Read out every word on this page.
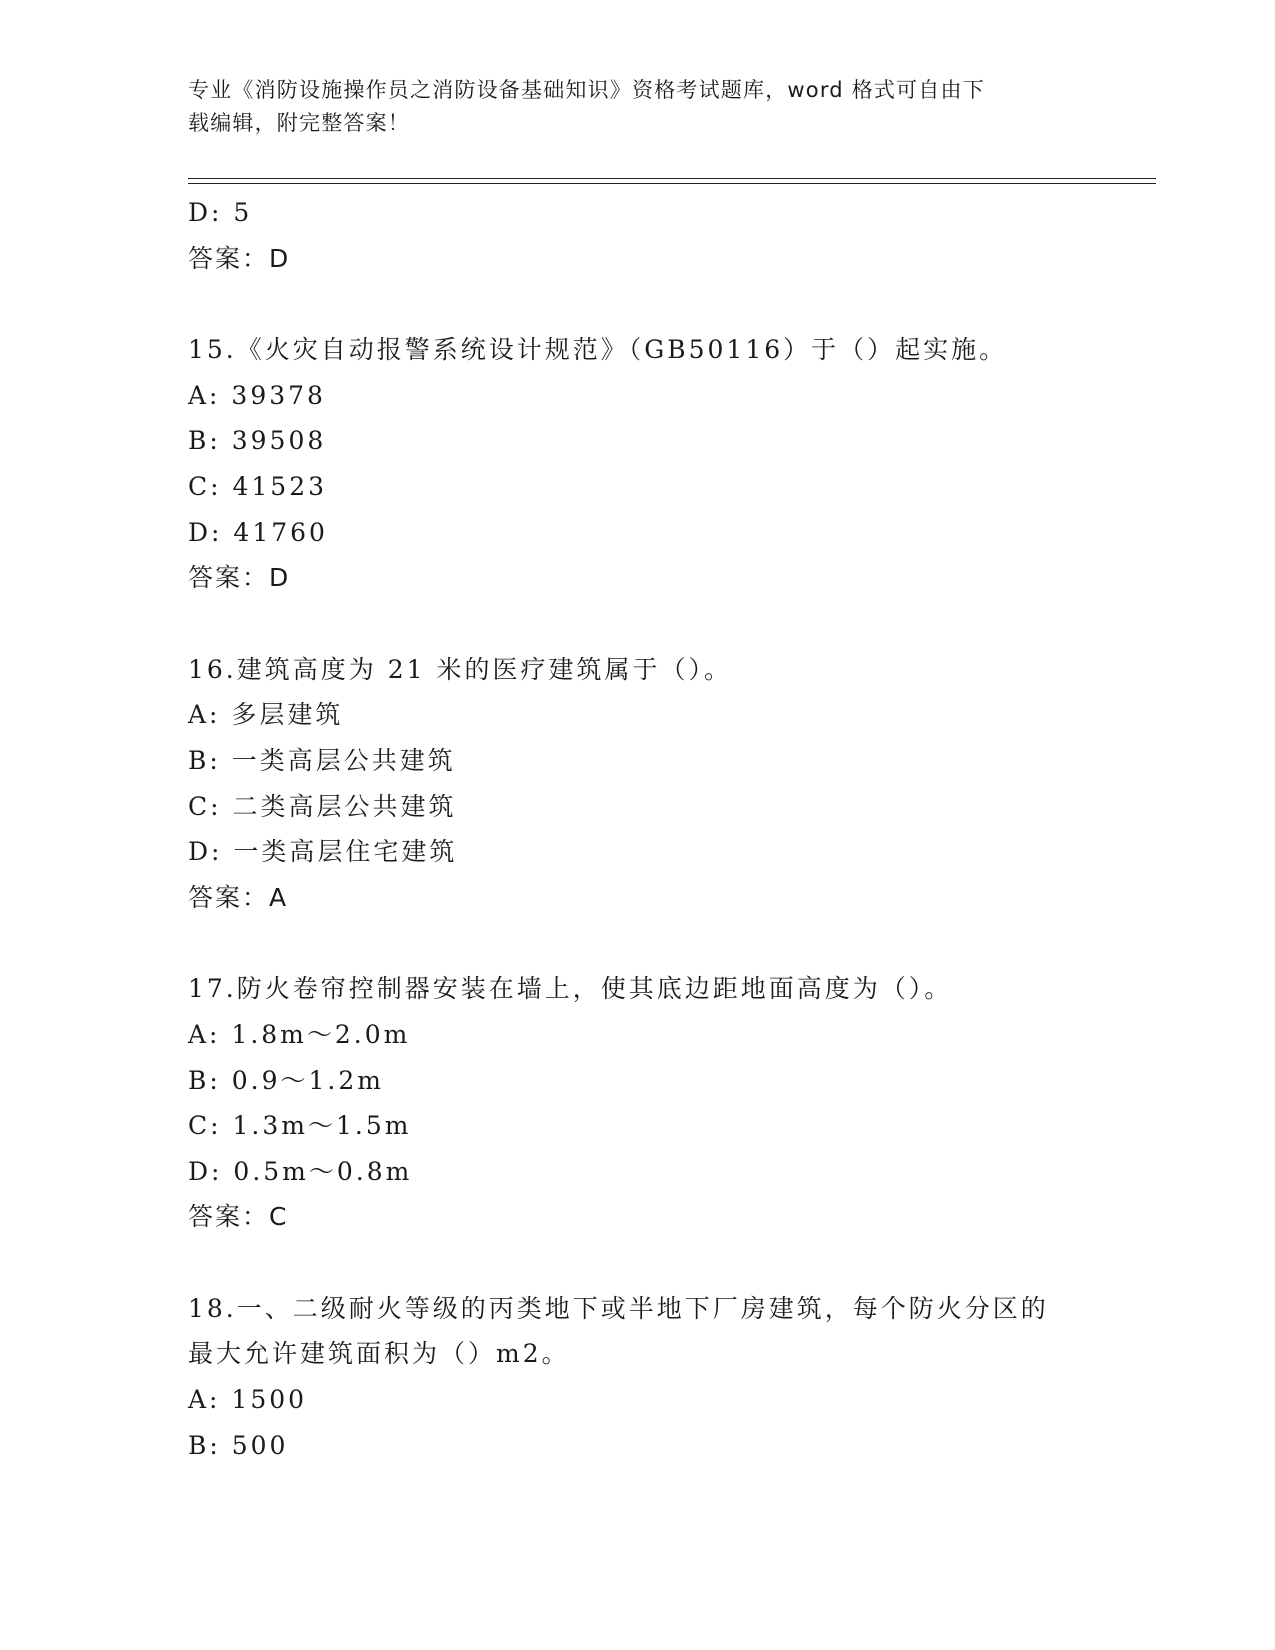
专业《消防设施操作员之消防设备基础知识》资格考试题库，word 格式可自由下
载编辑，附完整答案！
D: 5
答案：D
15.《火灾自动报警系统设计规范》（GB50116）于（）起实施。
A: 39378
B: 39508
C: 41523
D: 41760
答案：D
16.建筑高度为 21 米的医疗建筑属于（）。
A: 多层建筑
B: 一类高层公共建筑
C: 二类高层公共建筑
D: 一类高层住宅建筑
答案：A
17.防火卷帘控制器安装在墙上，使其底边距地面高度为（）。
A: 1.8m～2.0m
B: 0.9～1.2m
C: 1.3m～1.5m
D: 0.5m～0.8m
答案：C
18.一、二级耐火等级的丙类地下或半地下厂房建筑，每个防火分区的
最大允许建筑面积为（）m2。
A: 1500
B: 500
